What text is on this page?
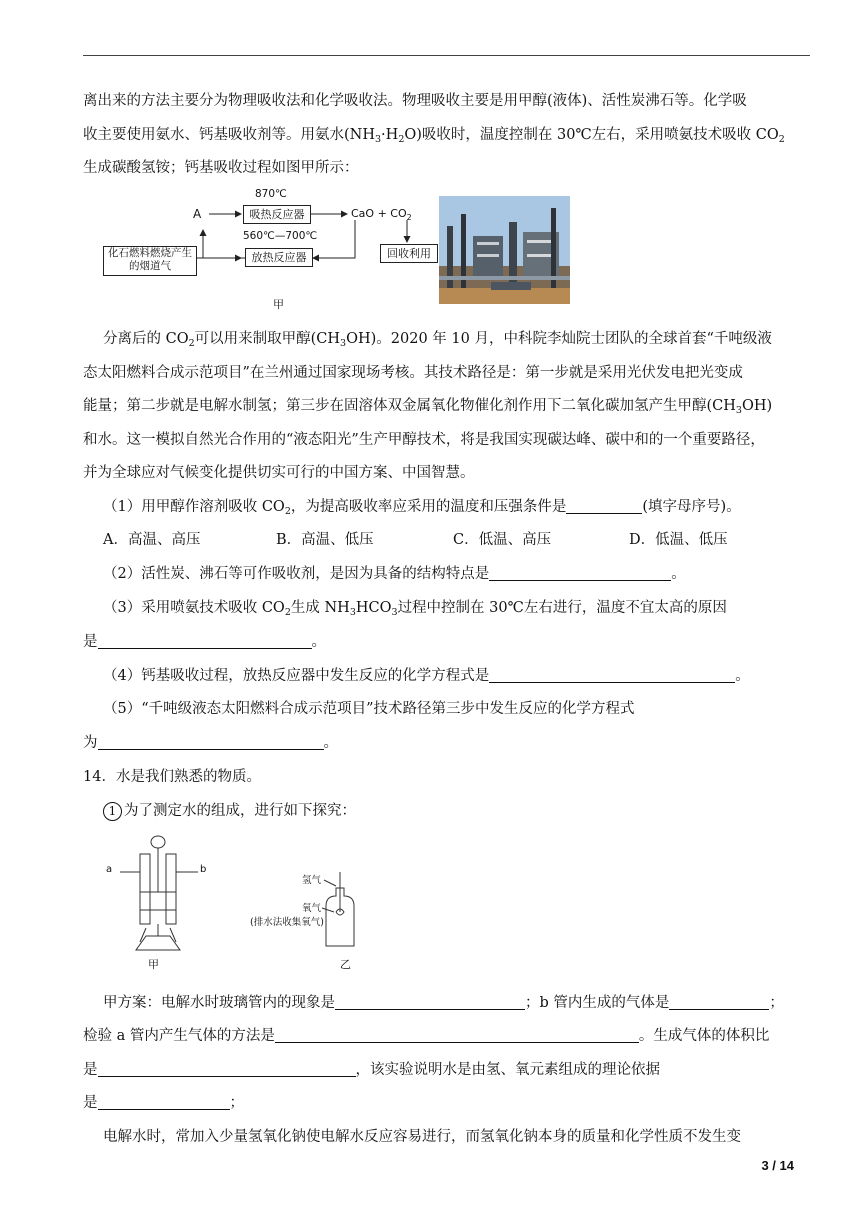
离出来的方法主要分为物理吸收法和化学吸收法。物理吸收主要是用甲醇(液体)、活性炭沸石等。化学吸
收主要使用氨水、钙基吸收剂等。用氨水$(NH_3\cdot H_2O)$吸收时，温度控制在 30℃左右，采用喷氨技术吸收 $CO_2$
生成碳酸氢铵；钙基吸收过程如图甲所示：
870℃
A	吸热反应器	CaO + $CO_2$
560℃—700℃
化石燃料燃烧产生的烟道气
放热反应器	回收利用
甲
分离后的 $CO_2$可以用来制取甲醇$(CH_3OH)$。2020 年 10 月，中科院李灿院士团队的全球首套“千吨级液
态太阳燃料合成示范项目”在兰州通过国家现场考核。其技术路径是：第一步就是采用光伏发电把光变成
能量；第二步就是电解水制氢；第三步在固溶体双金属氧化物催化剂作用下二氧化碳加氢产生甲醇$(CH_3OH)$
和水。这一模拟自然光合作用的“液态阳光”生产甲醇技术，将是我国实现碳达峰、碳中和的一个重要路径，
并为全球应对气候变化提供切实可行的中国方案、中国智慧。
（1）用甲醇作溶剂吸收 $CO_2$，为提高吸收率应采用的温度和压强条件是	(填字母序号)。
A．高温、高压	B．高温、低压	C．低温、高压	D．低温、低压
（2）活性炭、沸石等可作吸收剂，是因为具备的结构特点是	。
（3）采用喷氨技术吸收 $CO_2$生成 $NH_3HCO_3$过程中控制在 30℃左右进行，温度不宜太高的原因
是	。
（4）钙基吸收过程，放热反应器中发生反应的化学方程式是	。
（5）“千吨级液态太阳燃料合成示范项目”技术路径第三步中发生反应的化学方程式
为	。
14．水是我们熟悉的物质。
1 为了测定水的组成，进行如下探究：
a	b
甲
氢气
氧气
(排水法收集氧气)
乙
甲方案：电解水时玻璃管内的现象是	；b 管内生成的气体是	；
检验 a 管内产生气体的方法是	。生成气体的体积比
是	，该实验说明水是由氢、氧元素组成的理论依据
是	；
电解水时，常加入少量氢氧化钠使电解水反应容易进行，而氢氧化钠本身的质量和化学性质不发生变
3 / 14
